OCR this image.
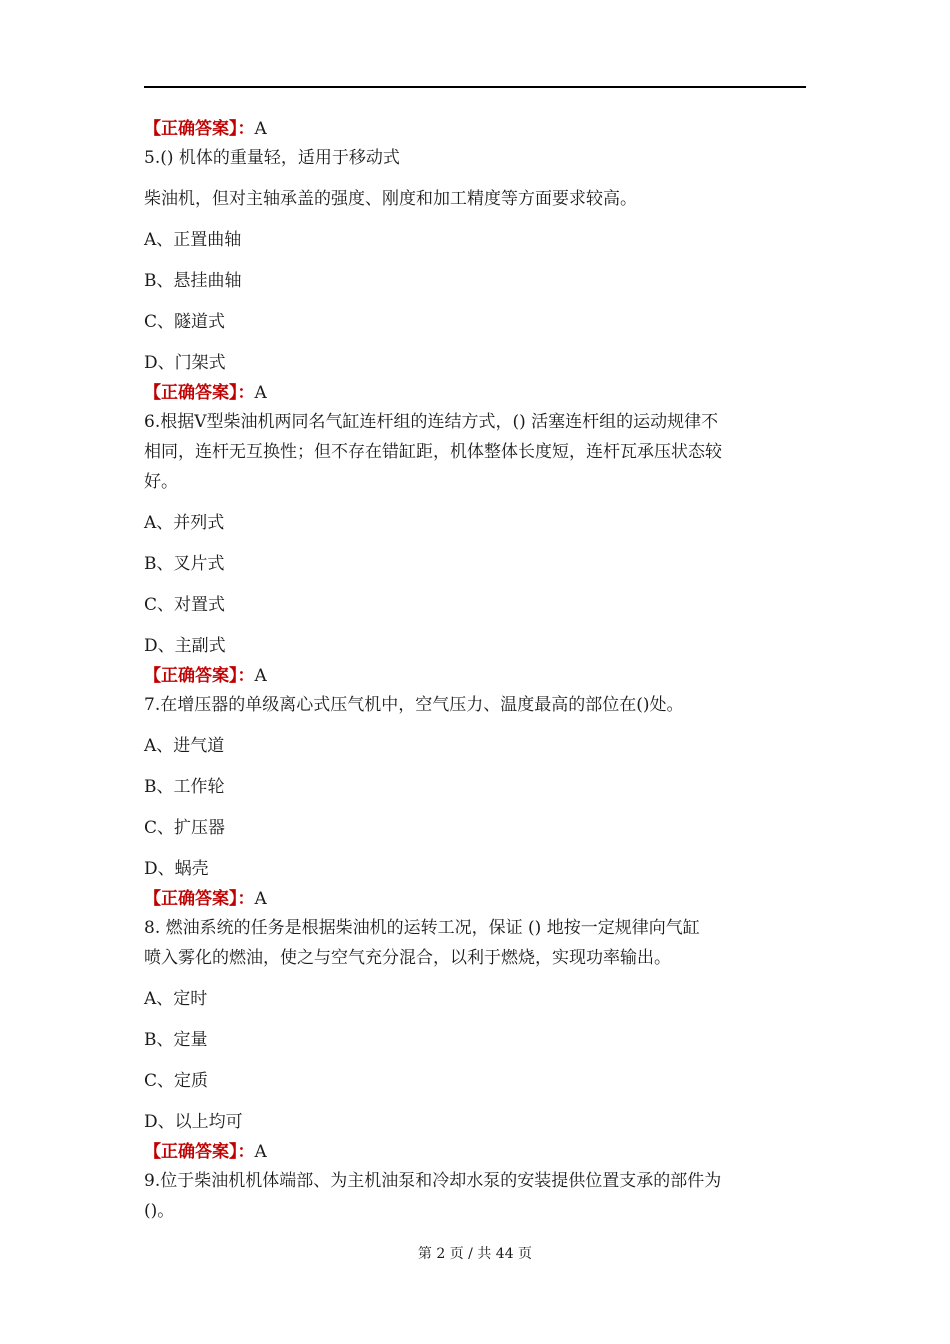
【正确答案】：A
5.() 机体的重量轻，适用于移动式
柴油机，但对主轴承盖的强度、刚度和加工精度等方面要求较高。
A、正置曲轴
B、悬挂曲轴
C、隧道式
D、门架式
【正确答案】：A
6.根据V型柴油机两同名气缸连杆组的连结方式，() 活塞连杆组的运动规律不
相同，连杆无互换性；但不存在错缸距，机体整体长度短，连杆瓦承压状态较
好。
A、并列式
B、叉片式
C、对置式
D、主副式
【正确答案】：A
7.在增压器的单级离心式压气机中，空气压力、温度最高的部位在()处。
A、进气道
B、工作轮
C、扩压器
D、蜗壳
【正确答案】：A
8. 燃油系统的任务是根据柴油机的运转工况，保证 () 地按一定规律向气缸
喷入雾化的燃油，使之与空气充分混合，以利于燃烧，实现功率输出。
A、定时
B、定量
C、定质
D、以上均可
【正确答案】：A
9.位于柴油机机体端部、为主机油泵和冷却水泵的安装提供位置支承的部件为
()。
第 2 页 / 共 44 页
